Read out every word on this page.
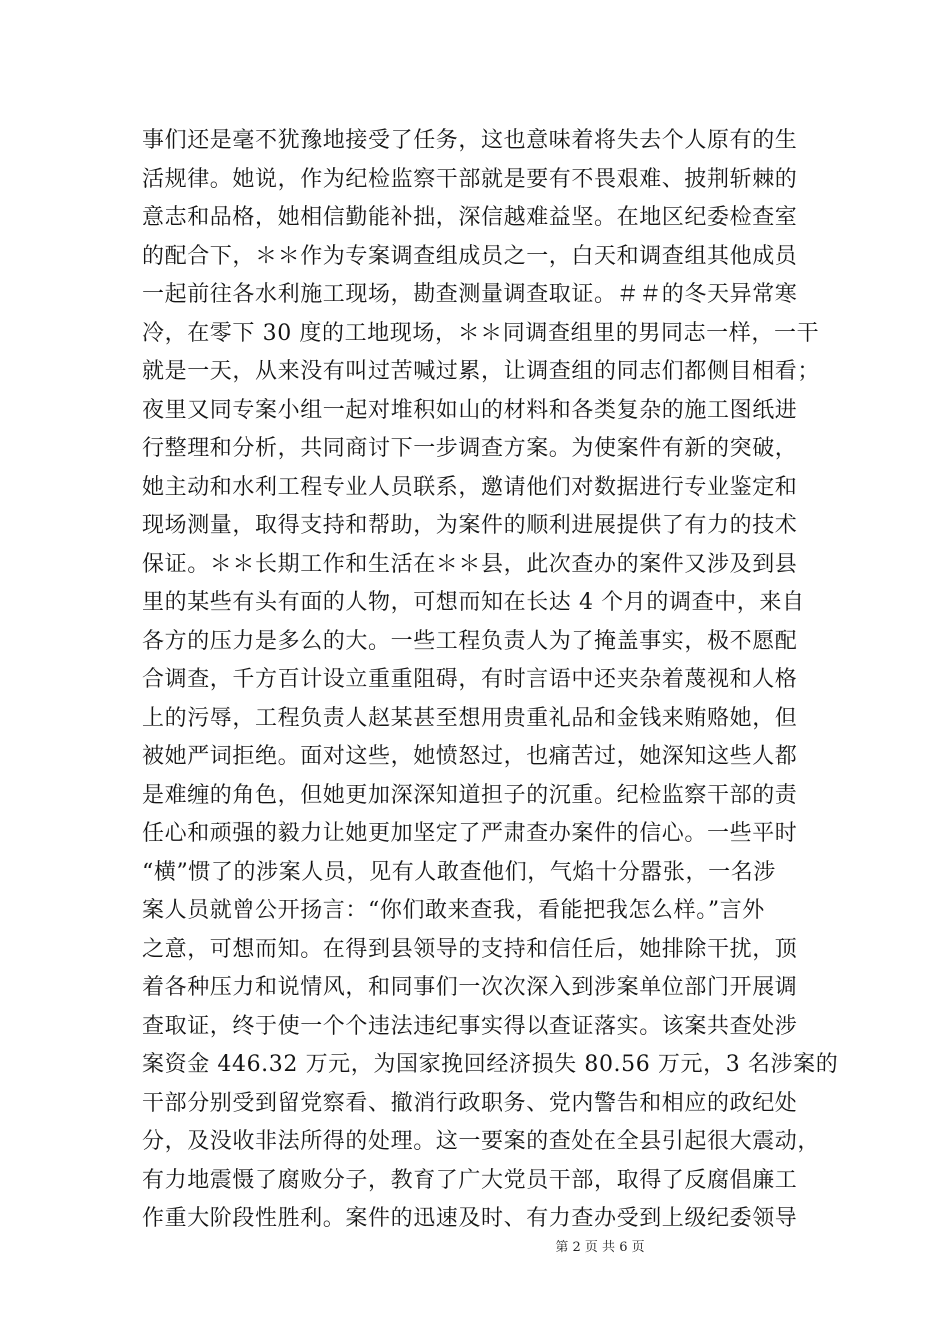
事们还是毫不犹豫地接受了任务，这也意味着将失去个人原有的生
活规律。她说，作为纪检监察干部就是要有不畏艰难、披荆斩棘的
意志和品格，她相信勤能补拙，深信越难益坚。在地区纪委检查室
的配合下，＊＊作为专案调查组成员之一，白天和调查组其他成员
一起前往各水利施工现场，勘查测量调查取证。＃＃的冬天异常寒
冷，在零下 30 度的工地现场，＊＊同调查组里的男同志一样，一干
就是一天，从来没有叫过苦喊过累，让调查组的同志们都侧目相看；
夜里又同专案小组一起对堆积如山的材料和各类复杂的施工图纸进
行整理和分析，共同商讨下一步调查方案。为使案件有新的突破，
她主动和水利工程专业人员联系，邀请他们对数据进行专业鉴定和
现场测量，取得支持和帮助，为案件的顺利进展提供了有力的技术
保证。＊＊长期工作和生活在＊＊县，此次查办的案件又涉及到县
里的某些有头有面的人物，可想而知在长达 4 个月的调查中，来自
各方的压力是多么的大。一些工程负责人为了掩盖事实，极不愿配
合调查，千方百计设立重重阻碍，有时言语中还夹杂着蔑视和人格
上的污辱，工程负责人赵某甚至想用贵重礼品和金钱来贿赂她，但
被她严词拒绝。面对这些，她愤怒过，也痛苦过，她深知这些人都
是难缠的角色，但她更加深深知道担子的沉重。纪检监察干部的责
任心和顽强的毅力让她更加坚定了严肃查办案件的信心。一些平时
“横”惯了的涉案人员，见有人敢查他们，气焰十分嚣张，一名涉
案人员就曾公开扬言：“你们敢来查我，看能把我怎么样。”言外
之意，可想而知。在得到县领导的支持和信任后，她排除干扰，顶
着各种压力和说情风，和同事们一次次深入到涉案单位部门开展调
查取证，终于使一个个违法违纪事实得以查证落实。该案共查处涉
案资金 446.32 万元，为国家挽回经济损失 80.56 万元，3 名涉案的
干部分别受到留党察看、撤消行政职务、党内警告和相应的政纪处
分，及没收非法所得的处理。这一要案的查处在全县引起很大震动，
有力地震慑了腐败分子，教育了广大党员干部，取得了反腐倡廉工
作重大阶段性胜利。案件的迅速及时、有力查办受到上级纪委领导
第 2 页 共 6 页
